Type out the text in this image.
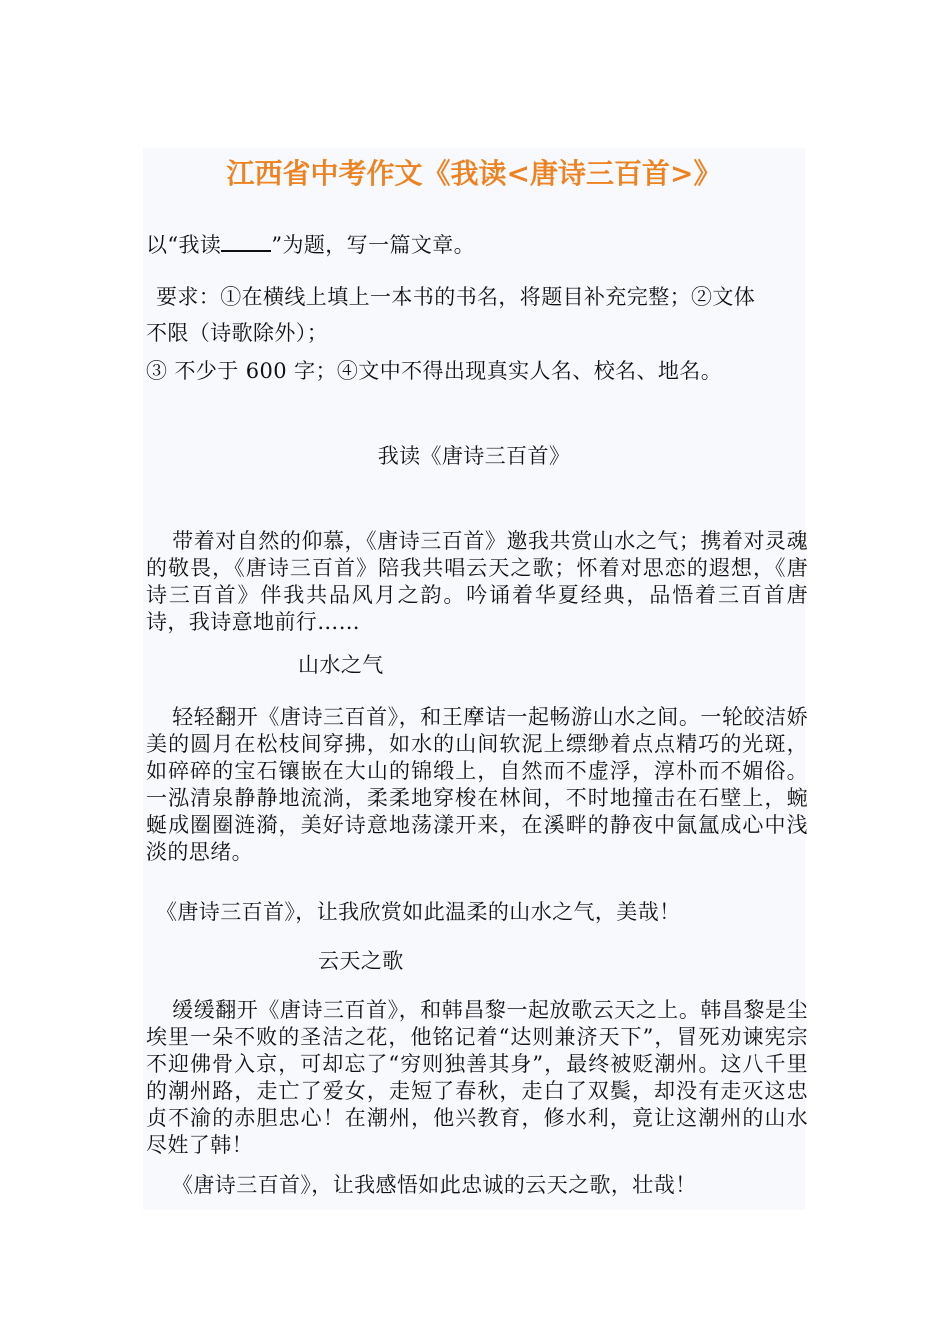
江西省中考作文《我读<唐诗三百首>》
以“我读 ”为题，写一篇文章。
要求：①在横线上填上一本书的书名，将题目补充完整；②文体
不限（诗歌除外）；
③ 不少于 600 字；④文中不得出现真实人名、校名、地名。
我读《唐诗三百首》
带着对自然的仰慕，《唐诗三百首》邀我共赏山水之气；携着对灵魂的敬畏，《唐诗三百首》陪我共唱云天之歌；怀着对思恋的遐想，《唐诗三百首》伴我共品风月之韵。吟诵着华夏经典，品悟着三百首唐诗，我诗意地前行……
山水之气
轻轻翻开《唐诗三百首》，和王摩诘一起畅游山水之间。一轮皎洁娇美的圆月在松枝间穿拂，如水的山间软泥上缥缈着点点精巧的光斑，如碎碎的宝石镶嵌在大山的锦缎上，自然而不虚浮，淳朴而不媚俗。一泓清泉静静地流淌，柔柔地穿梭在林间，不时地撞击在石壁上，蜿蜒成圈圈涟漪，美好诗意地荡漾开来，在溪畔的静夜中氤氲成心中浅淡的思绪。
《唐诗三百首》，让我欣赏如此温柔的山水之气，美哉！
云天之歌
缓缓翻开《唐诗三百首》，和韩昌黎一起放歌云天之上。韩昌黎是尘埃里一朵不败的圣洁之花，他铭记着“达则兼济天下”，冒死劝谏宪宗不迎佛骨入京，可却忘了“穷则独善其身”，最终被贬潮州。这八千里的潮州路，走亡了爱女，走短了春秋，走白了双鬓，却没有走灭这忠贞不渝的赤胆忠心！在潮州，他兴教育，修水利，竟让这潮州的山水尽姓了韩！
《唐诗三百首》，让我感悟如此忠诚的云天之歌，壮哉！
